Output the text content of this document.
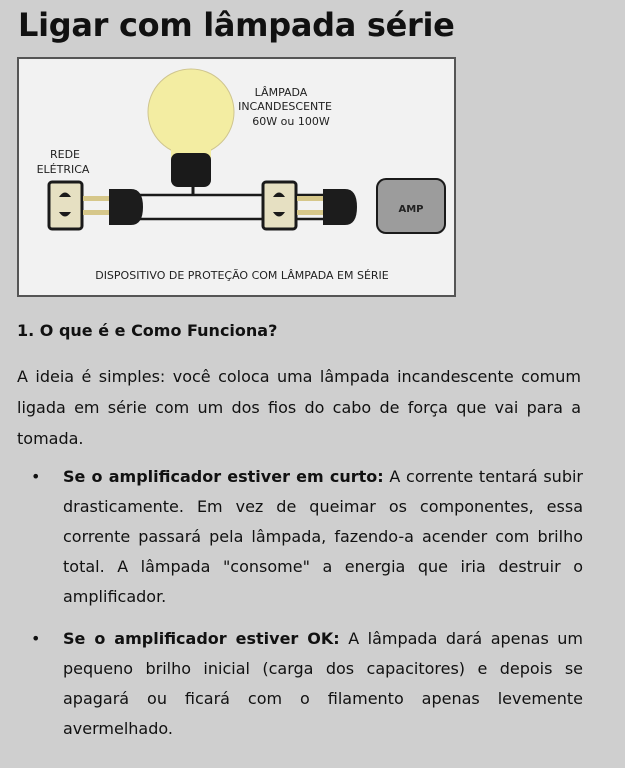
Ligar com lâmpada série
AMP
LÂMPADA
INCANDESCENTE
60W ou 100W
REDE
ELÉTRICA
DISPOSITIVO DE PROTEÇÃO COM LÂMPADA EM SÉRIE
1. O que é e Como Funciona?
A ideia é simples: você coloca uma lâmpada incandescente comum ligada em série com um dos fios do cabo de força que vai para a tomada.
• Se o amplificador estiver em curto: A corrente tentará subir drasticamente. Em vez de queimar os componentes, essa corrente passará pela lâmpada, fazendo-a acender com brilho total. A lâmpada "consome" a energia que iria destruir o amplificador.
• Se o amplificador estiver OK: A lâmpada dará apenas um pequeno brilho inicial (carga dos capacitores) e depois se apagará ou ficará com o filamento apenas levemente avermelhado.
